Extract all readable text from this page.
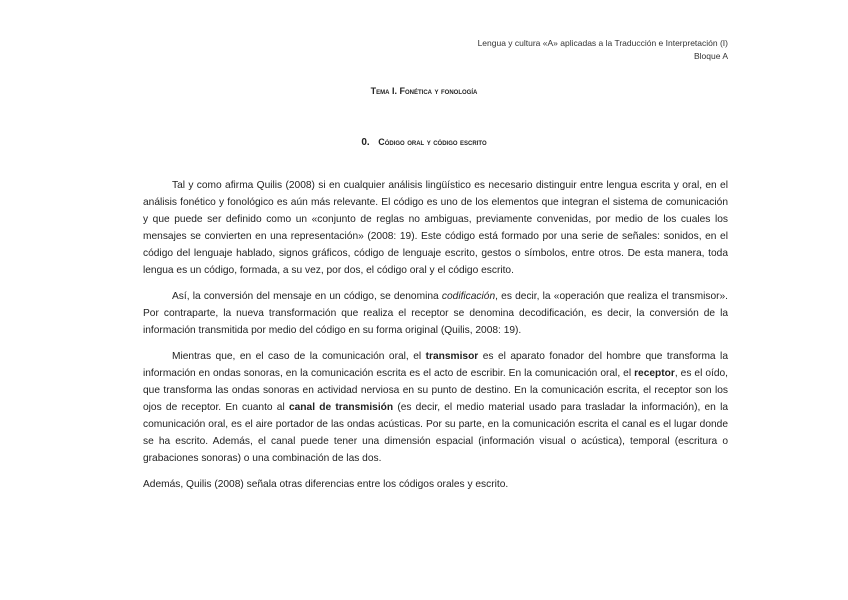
Lengua y cultura «A» aplicadas a la Traducción e Interpretación (I)
Bloque A
Tema I. Fonética y fonología
0. Código oral y código escrito

Tal y como afirma Quilis (2008) si en cualquier análisis lingüístico es necesario distinguir entre lengua escrita y oral, en el análisis fonético y fonológico es aún más relevante. El código es uno de los elementos que integran el sistema de comunicación y que puede ser definido como un «conjunto de reglas no ambiguas, previamente convenidas, por medio de los cuales los mensajes se convierten en una representación» (2008: 19). Este código está formado por una serie de señales: sonidos, en el código del lenguaje hablado, signos gráficos, código de lenguaje escrito, gestos o símbolos, entre otros. De esta manera, toda lengua es un código, formada, a su vez, por dos, el código oral y el código escrito.

Así, la conversión del mensaje en un código, se denomina codificación, es decir, la «operación que realiza el transmisor». Por contraparte, la nueva transformación que realiza el receptor se denomina decodificación, es decir, la conversión de la información transmitida por medio del código en su forma original (Quilis, 2008: 19).

Mientras que, en el caso de la comunicación oral, el transmisor es el aparato fonador del hombre que transforma la información en ondas sonoras, en la comunicación escrita es el acto de escribir. En la comunicación oral, el receptor, es el oído, que transforma las ondas sonoras en actividad nerviosa en su punto de destino. En la comunicación escrita, el receptor son los ojos de receptor. En cuanto al canal de transmisión (es decir, el medio material usado para trasladar la información), en la comunicación oral, es el aire portador de las ondas acústicas. Por su parte, en la comunicación escrita el canal es el lugar donde se ha escrito. Además, el canal puede tener una dimensión espacial (información visual o acústica), temporal (escritura o grabaciones sonoras) o una combinación de las dos.

Además, Quilis (2008) señala otras diferencias entre los códigos orales y escrito.
